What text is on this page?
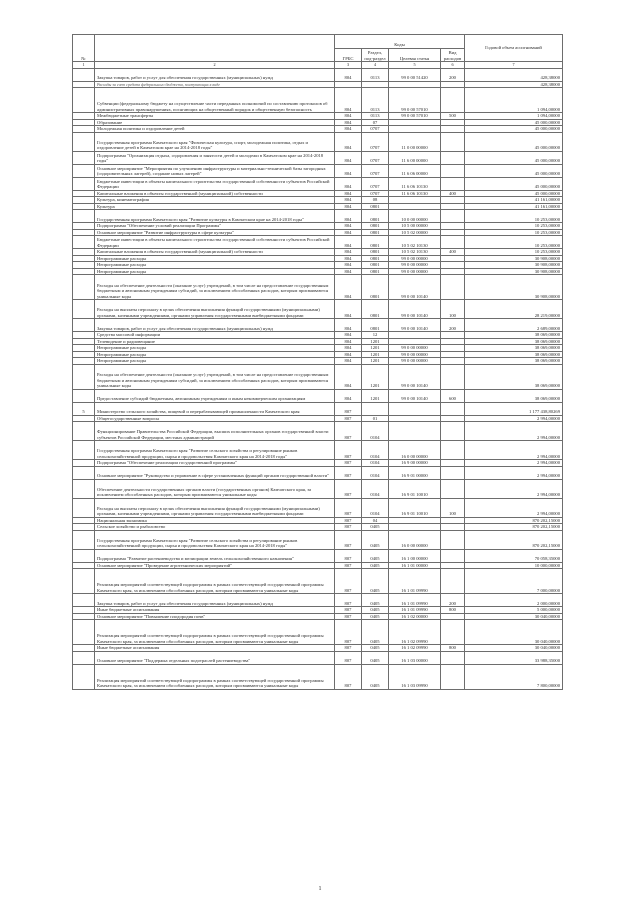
№		Коды				Годовой объем ассигнований
		ГРБС	Раздел, под-раздел	Целевая статья	Вид расходов	
1	2	3	4	5	6	7
	Закупка товаров, работ и услуг для обеспечения государственных (муниципальных) нужд	804	0113	99 0 00 51420	200	428,38000
	Расходы за счет средств федерального бюджета, поступающих в виде					428,38000
	Субвенции (федеральному бюджету на осуществление части переданных полномочий по составлению протоколов об административных правонарушениях, посягающих на общественный порядок и общественную безопасность	804	0113	99 0 00 57010		1 094,00000
	Межбюджетные трансферты	804	0113	99 0 00 57010	500	1 094,00000
	Образование	804	07			45 000,00000
	Молодежная политика и оздоровление детей	804	0707			45 000,00000
	Государственная программа Камчатского края "Физическая культура, спорт, молодежная политика, отдых и оздоровление детей в Камчатском крае на 2014-2018 годы"	804	0707	11 0 00 00000		45 000,00000
	Подпрограмма "Организация отдыха, оздоровления и занятости детей и молодежи в Камчатском крае на 2014-2018 годы"	804	0707	11 6 00 00000		45 000,00000
	Основное мероприятие "Мероприятия по улучшению инфраструктуры и материально-технической базы загородных (оздоровительных лагерей), создание новых лагерей"	804	0707	11 6 06 00000		45 000,00000
	Бюджетные инвестиции в объекты капитального строительства государственной собственности субъектов Российской Федерации	804	0707	11 6 06 10130		45 000,00000
	Капитальные вложения в объекты государственной (муниципальной) собственности	804	0707	11 6 06 10130	400	45 000,00000
	Культура, кинематография	804	08			41 161,00000
	Культура	804	0801			41 161,00000
	Государственная программа Камчатского края "Развитие культуры в Камчатском крае на 2014-2018 годы"	804	0801	10 0 00 00000		10 253,00000
	Подпрограмма "Обеспечение условий реализации Программы"	804	0801	10 5 00 00000		10 253,00000
	Основное мероприятие "Развитие инфраструктуры в сфере культуры"	804	0801	10 5 02 00000		10 253,00000
	Бюджетные инвестиции в объекты капитального строительства государственной собственности субъектов Российской Федерации	804	0801	10 5 02 10130		10 253,00000
	Капитальные вложения в объекты государственной (муниципальной) собственности	804	0801	10 5 02 10130	400	10 253,00000
	Непрограммные расходы	804	0801	99 0 00 00000		30 908,00000
	Непрограммные расходы	804	0801	99 0 00 00000		30 908,00000
	Непрограммные расходы	804	0801	99 0 00 00000		30 908,00000
	Расходы на обеспечение деятельности (оказание услуг) учреждений, в том числе на предоставление государственным бюджетным и автономным учреждениям субсидий, за исключением обособленных расходов, которым присваиваются уникальные коды	804	0801	99 0 00 10140		30 908,00000
	Расходы на выплаты персоналу в целях обеспечения выполнения функций государственными (муниципальными) органами, казенными учреждениями, органами управления государственными внебюджетными фондами	804	0801	99 0 00 10140	100	28 219,00000
	Закупка товаров, работ и услуг для обеспечения государственных (муниципальных) нужд	804	0801	99 0 00 10140	200	2 689,00000
	Средства массовой информации	804	12			38 069,00000
	Телевидение и радиовещание	804	1201			38 069,00000
	Непрограммные расходы	804	1201	99 0 00 00000		38 069,00000
	Непрограммные расходы	804	1201	99 0 00 00000		38 069,00000
	Непрограммные расходы	804	1201	99 0 00 00000		38 069,00000
	Расходы на обеспечение деятельности (оказание услуг) учреждений, в том числе на предоставление государственным бюджетным и автономным учреждениям субсидий, за исключением обособленных расходов, которым присваиваются уникальные коды	804	1201	99 0 00 10140		38 069,00000
	Предоставление субсидий бюджетным, автономным учреждениям и иным некоммерческим организациям	804	1201	99 0 00 10140	600	38 069,00000
5	Министерство сельского хозяйства, пищевой и перерабатывающей промышленности Камчатского края	807				1 177 438,80269
	Общегосударственные вопросы	807	01			2 994,00000
	Функционирование Правительства Российской Федерации, высших исполнительных органов государственной власти субъектов Российской Федерации, местных администраций	807	0104			2 994,00000
	Государственная программа Камчатского края "Развитие сельского хозяйства и регулирование рынков сельскохозяйственной продукции, сырья и продовольствия Камчатского края на 2014-2018 годы"	807	0104	16 0 00 00000		2 994,00000
	Подпрограмма "Обеспечение реализации государственной программы"	807	0104	16 9 00 00000		2 994,00000
	Основное мероприятие "Руководство и управление в сфере установленных функций органов государственной власти"	807	0104	16 9 01 00000		2 994,00000
	Обеспечение деятельности государственных органов власти (государственных органов) Камчатского края, за исключением обособленных расходов, которым присваиваются уникальные коды	807	0104	16 9 01 10010		2 994,00000
	Расходы на выплаты персоналу в целях обеспечения выполнения функций государственными (муниципальными) органами, казенными учреждениями, органами управления государственными внебюджетными фондами	807	0104	16 9 01 10010	100	2 994,00000
	Национальная экономика	807	04			870 202,15000
	Сельское хозяйство и рыболовство	807	0405			870 202,15000
	Государственная программа Камчатского края "Развитие сельского хозяйства и регулирование рынков сельскохозяйственной продукции, сырья и продовольствия Камчатского края на 2014-2018 годы"	807	0405	16 0 00 00000		870 202,15000
	Подпрограмма "Развитие растениеводства и мелиорации земель сельскохозяйственного назначения"	807	0405	16 1 00 00000		70 058,35000
	Основное мероприятие "Проведение агротехнических мероприятий"	807	0405	16 1 01 00000		10 000,00000
	Реализация мероприятий соответствующей подпрограммы в рамках соответствующей государственной программы Камчатского края, за исключением обособленных расходов, которым присваиваются уникальные коды	807	0405	16 1 01 09990		7 000,00000
	Закупка товаров, работ и услуг для обеспечения государственных (муниципальных) нужд	807	0405	16 1 01 09990	200	2 000,00000
	Иные бюджетные ассигнования	807	0405	16 1 01 09990	800	5 000,00000
	Основное мероприятие "Повышение плодородия почв"	807	0405	16 1 02 00000		30 040,00000
	Реализация мероприятий соответствующей подпрограммы в рамках соответствующей государственной программы Камчатского края, за исключением обособленных расходов, которым присваиваются уникальные коды	807	0405	16 1 02 09990		30 040,00000
	Иные бюджетные ассигнования	807	0405	16 1 02 09990	800	30 040,00000
	Основное мероприятие "Поддержка отдельных подотраслей растениеводства"	807	0405	16 1 03 00000		33 988,35000
	Реализация мероприятий соответствующей подпрограммы в рамках соответствующей государственной программы Камчатского края, за исключением обособленных расходов, которым присваиваются уникальные коды	807	0405	16 1 03 09990		7 800,00000
1
